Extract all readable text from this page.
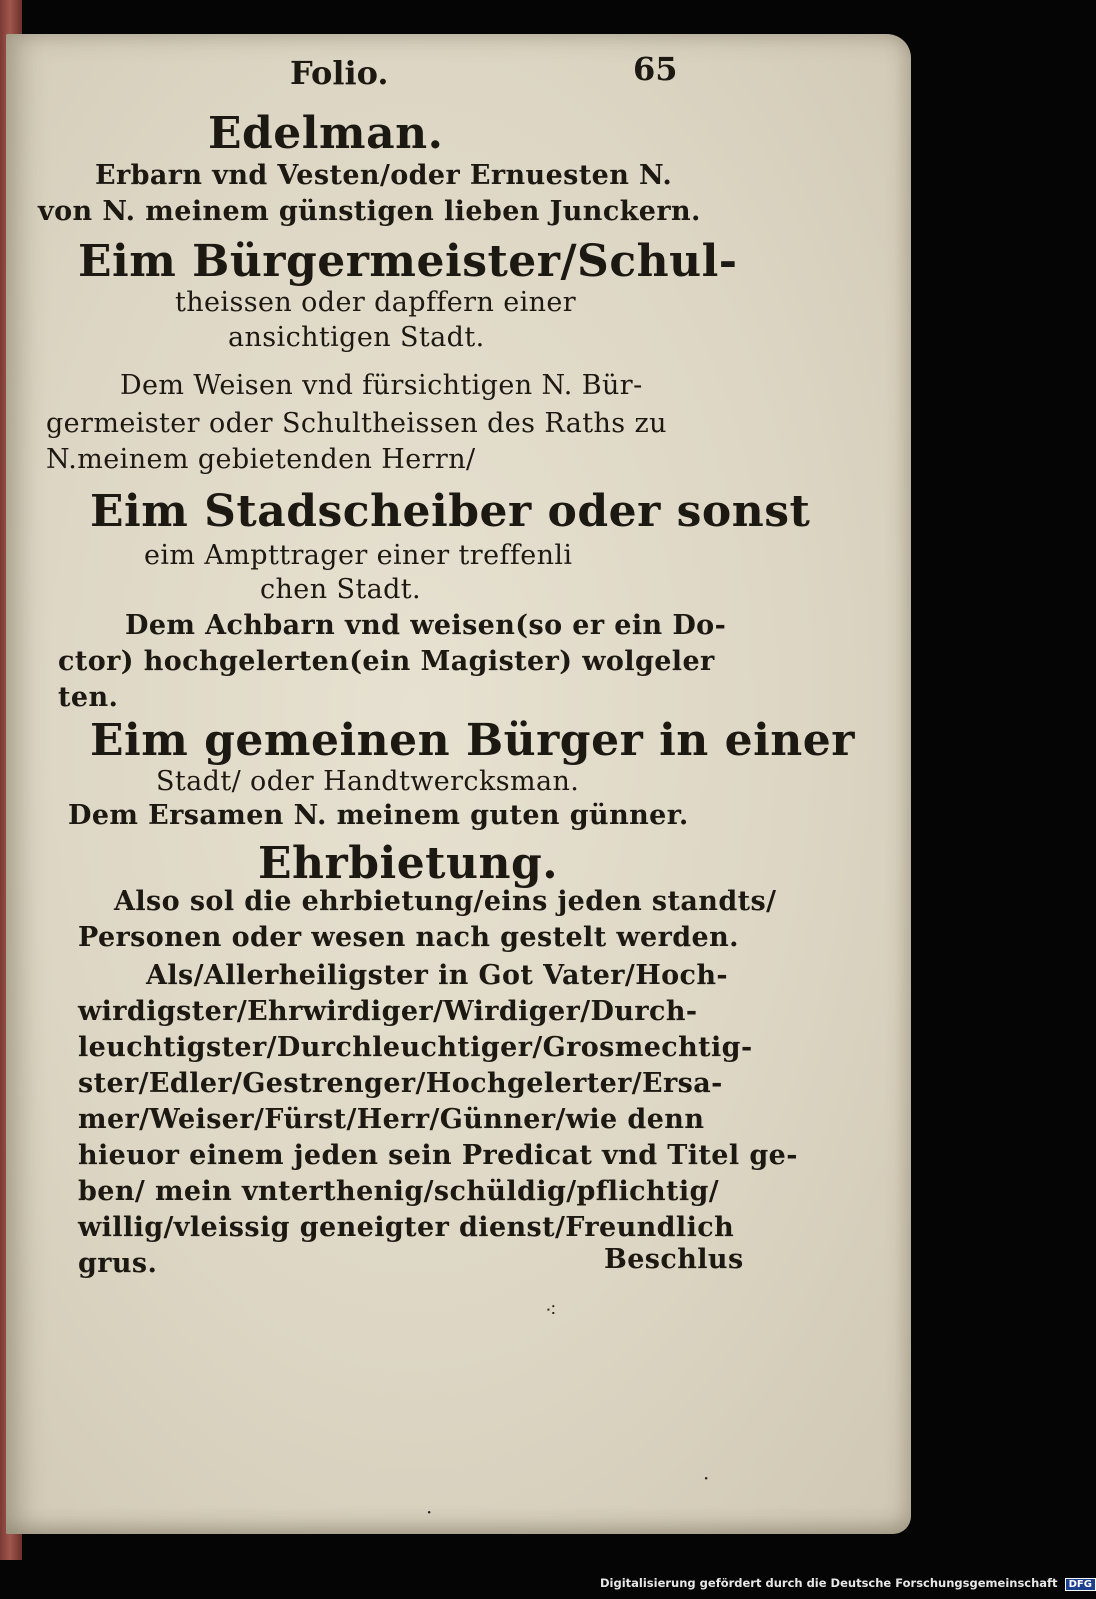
Folio.	65
Edelman.
Erbarn vnd Vesten/oder Ernuesten N.
von N. meinem günstigen lieben Junckern.
Eim Bürgermeister/Schul-
theissen oder dapffern einer
ansichtigen Stadt.
Dem Weisen vnd fürsichtigen N. Bür-
germeister oder Schultheissen des Raths zu
N.meinem gebietenden Herrn/
Eim Stadscheiber oder sonst
eim Ampttrager einer treffenli
chen Stadt.
Dem Achbarn vnd weisen(so er ein Do-
ctor) hochgelerten(ein Magister) wolgeler
ten.
Eim gemeinen Bürger in einer
Stadt/ oder Handtwercksman.
Dem Ersamen N. meinem guten günner.
Ehrbietung.
Also sol die ehrbietung/eins jeden standts/
Personen oder wesen nach gestelt werden.
Als/Allerheiligster in Got Vater/Hoch-
wirdigster/Ehrwirdiger/Wirdiger/Durch-
leuchtigster/Durchleuchtiger/Grosmechtig-
ster/Edler/Gestrenger/Hochgelerter/Ersa-
mer/Weiser/Fürst/Herr/Günner/wie denn
hieuor einem jeden sein Predicat vnd Titel ge-
ben/ mein vnterthenig/schüldig/pflichtig/
willig/vleissig geneigter dienst/Freundlich
grus.	Beschlus
⁖
·
·
Digitalisierung gefördert durch die Deutsche Forschungsgemeinschaft DFG
